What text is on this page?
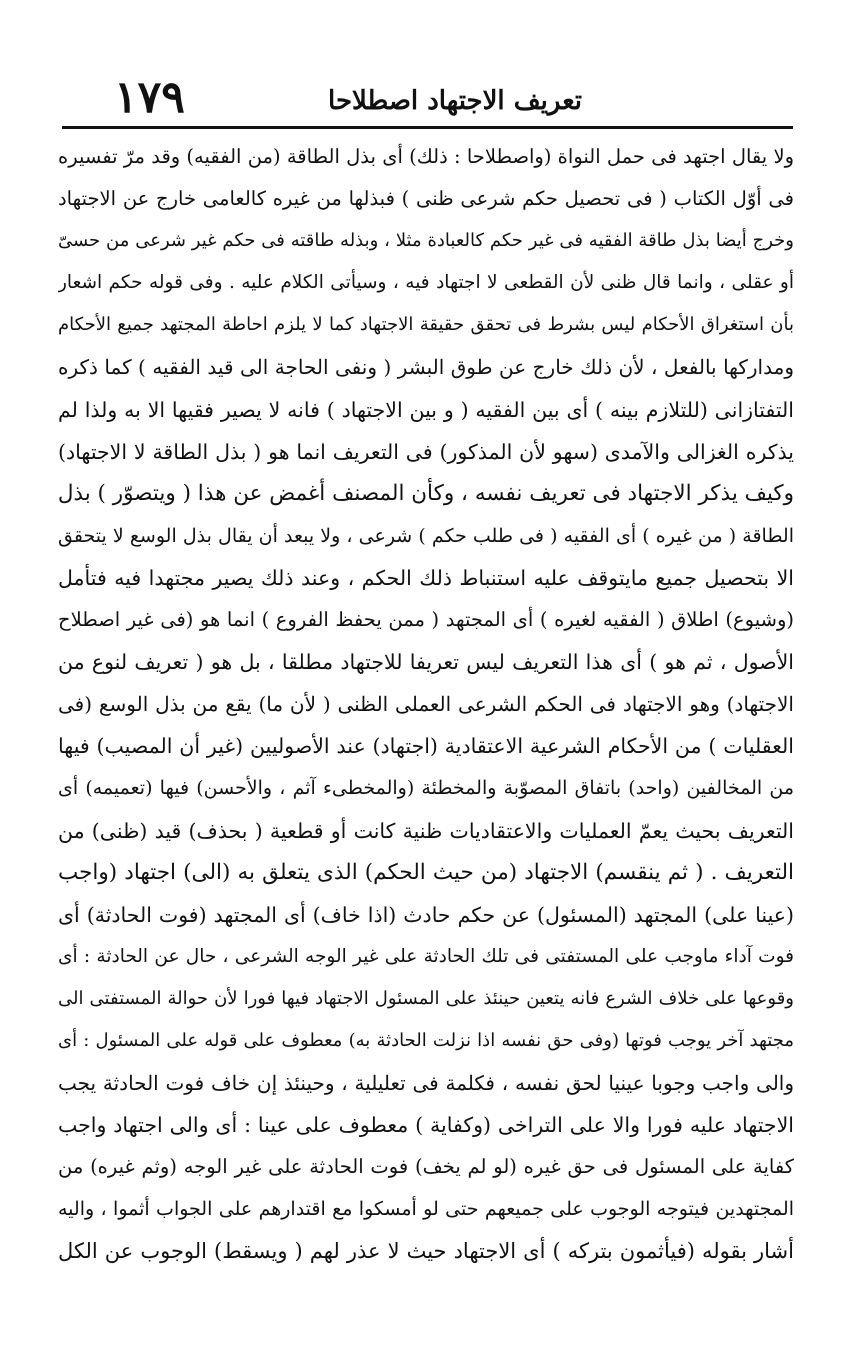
١٧٩	تعريف الاجتهاد اصطلاحا
ولا يقال اجتهد فى حمل النواة (واصطلاحا : ذلك) أى بذل الطاقة (من الفقيه) وقد مرّ تفسيره
فى أوّل الكتاب ( فى تحصيل حكم شرعى ظنى ) فبذلها من غيره كالعامى خارج عن الاجتهاد
وخرج أيضا بذل طاقة الفقيه فى غير حكم كالعبادة مثلا ، وبذله طاقته فى حكم غير شرعى من حسىّ
أو عقلى ، وانما قال ظنى لأن القطعى لا اجتهاد فيه ، وسيأتى الكلام عليه . وفى قوله حكم اشعار
بأن استغراق الأحكام ليس بشرط فى تحقق حقيقة الاجتهاد كما لا يلزم احاطة المجتهد جميع الأحكام
ومداركها بالفعل ، لأن ذلك خارج عن طوق البشر ( ونفى الحاجة الى قيد الفقيه ) كما ذكره
التفتازانى (للتلازم بينه ) أى بين الفقيه ( و بين الاجتهاد ) فانه لا يصير فقيها الا به ولذا لم
يذكره الغزالى والآمدى (سهو لأن المذكور) فى التعريف انما هو ( بذل الطاقة لا الاجتهاد)
وكيف يذكر الاجتهاد فى تعريف نفسه ، وكأن المصنف أغمض عن هذا ( ويتصوّر ) بذل
الطاقة ( من غيره ) أى الفقيه ( فى طلب حكم ) شرعى ، ولا يبعد أن يقال بذل الوسع لا يتحقق
الا بتحصيل جميع مايتوقف عليه استنباط ذلك الحكم ، وعند ذلك يصير مجتهدا فيه فتأمل
(وشيوع) اطلاق ( الفقيه لغيره ) أى المجتهد ( ممن يحفظ الفروع ) انما هو (فى غير اصطلاح
الأصول ، ثم هو ) أى هذا التعريف ليس تعريفا للاجتهاد مطلقا ، بل هو ( تعريف لنوع من
الاجتهاد) وهو الاجتهاد فى الحكم الشرعى العملى الظنى ( لأن ما) يقع من بذل الوسع (فى
العقليات ) من الأحكام الشرعية الاعتقادية (اجتهاد) عند الأصوليين (غير أن المصيب) فيها
من المخالفين (واحد) باتفاق المصوّبة والمخطئة (والمخطىء آثم ، والأحسن) فيها (تعميمه) أى
التعريف بحيث يعمّ العمليات والاعتقاديات ظنية كانت أو قطعية ( بحذف) قيد (ظنى) من
التعريف . ( ثم ينقسم) الاجتهاد (من حيث الحكم) الذى يتعلق به (الى) اجتهاد (واجب
(عينا على) المجتهد (المسئول) عن حكم حادث (اذا خاف) أى المجتهد (فوت الحادثة) أى
فوت آداء ماوجب على المستفتى فى تلك الحادثة على غير الوجه الشرعى ، حال عن الحادثة : أى
وقوعها على خلاف الشرع فانه يتعين حينئذ على المسئول الاجتهاد فيها فورا لأن حوالة المستفتى الى
مجتهد آخر يوجب فوتها (وفى حق نفسه اذا نزلت الحادثة به) معطوف على قوله على المسئول : أى
والى واجب وجوبا عينيا لحق نفسه ، فكلمة فى تعليلية ، وحينئذ إن خاف فوت الحادثة يجب
الاجتهاد عليه فورا والا على التراخى (وكفاية ) معطوف على عينا : أى والى اجتهاد واجب
كفاية على المسئول فى حق غيره (لو لم يخف) فوت الحادثة على غير الوجه (وثم غيره) من
المجتهدين فيتوجه الوجوب على جميعهم حتى لو أمسكوا مع اقتدارهم على الجواب أثموا ، واليه
أشار بقوله (فيأثمون بتركه ) أى الاجتهاد حيث لا عذر لهم ( ويسقط) الوجوب عن الكل
